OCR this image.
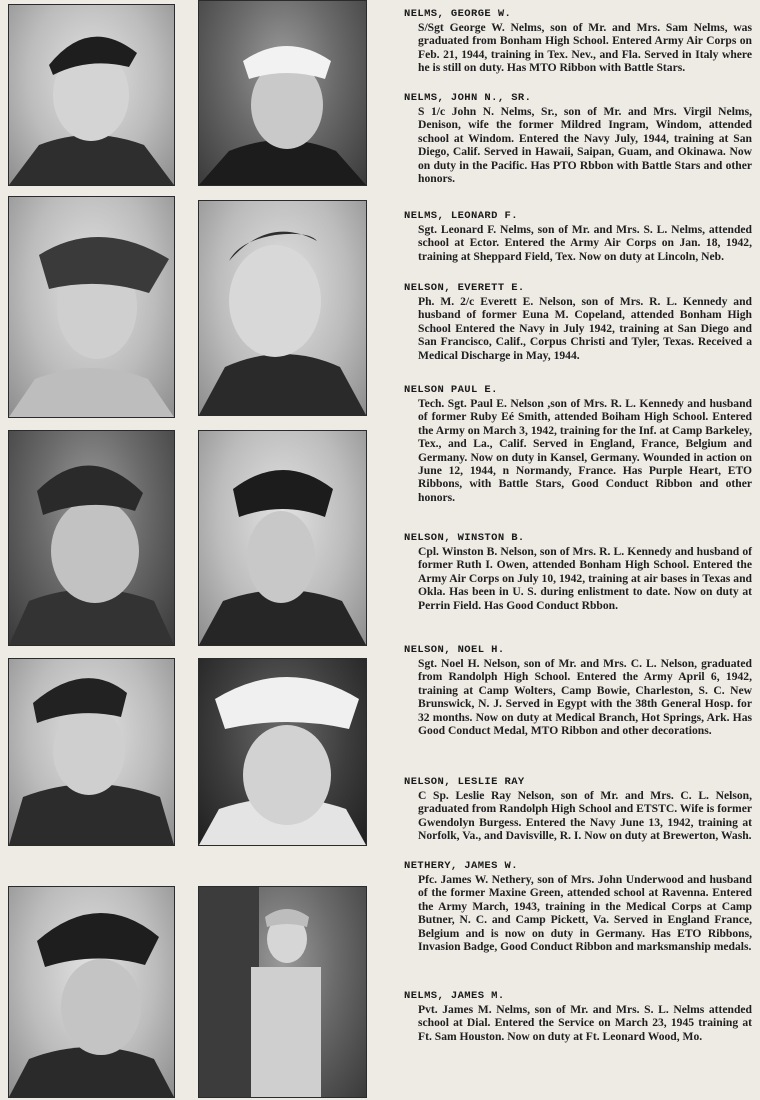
NELMS, GEORGE W.

S/Sgt George W. Nelms, son of Mr. and Mrs. Sam Nelms, was graduated from Bonham High School. Entered Army Air Corps on Feb. 21, 1944, training in Tex. Nev., and Fla. Served in Italy where he is still on duty. Has MTO Ribbon with Battle Stars.

NELMS, JOHN N., SR.

S 1/c John N. Nelms, Sr., son of Mr. and Mrs. Virgil Nelms, Denison, wife the former Mildred Ingram, Windom, attended school at Windom. Entered the Navy July, 1944, training at San Diego, Calif. Served in Hawaii, Saipan, Guam, and Okinawa. Now on duty in the Pacific. Has PTO Rbbon with Battle Stars and other honors.

NELMS, LEONARD F.

Sgt. Leonard F. Nelms, son of Mr. and Mrs. S. L. Nelms, attended school at Ector. Entered the Army Air Corps on Jan. 18, 1942, training at Sheppard Field, Tex. Now on duty at Lincoln, Neb.

NELSON, EVERETT E.

Ph. M. 2/c Everett E. Nelson, son of Mrs. R. L. Kennedy and husband of former Euna M. Copeland, attended Bonham High School Entered the Navy in July 1942, training at San Diego and San Francisco, Calif., Corpus Christi and Tyler, Texas. Received a Medical Discharge in May, 1944.

NELSON PAUL E.

Tech. Sgt. Paul E. Nelson ,son of Mrs. R. L. Kennedy and husband of former Ruby Eé Smith, attended Boiham High School. Entered the Army on March 3, 1942, training for the Inf. at Camp Barkeley, Tex., and La., Calif. Served in England, France, Belgium and Germany. Now on duty in Kansel, Germany. Wounded in action on June 12, 1944, n Normandy, France. Has Purple Heart, ETO Ribbons, with Battle Stars, Good Conduct Ribbon and other honors.

NELSON, WINSTON B.

Cpl. Winston B. Nelson, son of Mrs. R. L. Kennedy and husband of former Ruth I. Owen, attended Bonham High School. Entered the Army Air Corps on July 10, 1942, training at air bases in Texas and Okla. Has been in U. S. during enlistment to date. Now on duty at Perrin Field. Has Good Conduct Rbbon.

NELSON, NOEL H.

Sgt. Noel H. Nelson, son of Mr. and Mrs. C. L. Nelson, graduated from Randolph High School. Entered the Army April 6, 1942, training at Camp Wolters, Camp Bowie, Charleston, S. C. New Brunswick, N. J. Served in Egypt with the 38th General Hosp. for 32 months. Now on duty at Medical Branch, Hot Springs, Ark. Has Good Conduct Medal, MTO Ribbon and other decorations.

NELSON, LESLIE RAY

C Sp. Leslie Ray Nelson, son of Mr. and Mrs. C. L. Nelson, graduated from Randolph High School and ETSTC. Wife is former Gwendolyn Burgess. Entered the Navy June 13, 1942, training at Norfolk, Va., and Davisville, R. I. Now on duty at Brewerton, Wash.

NETHERY, JAMES W.

Pfc. James W. Nethery, son of Mrs. John Underwood and husband of the former Maxine Green, attended school at Ravenna. Entered the Army March, 1943, training in the Medical Corps at Camp Butner, N. C. and Camp Pickett, Va. Served in England France, Belgium and is now on duty in Germany. Has ETO Ribbons, Invasion Badge, Good Conduct Ribbon and marksmanship medals.

NELMS, JAMES M.

Pvt. James M. Nelms, son of Mr. and Mrs. S. L. Nelms attended school at Dial. Entered the Service on March 23, 1945 training at Ft. Sam Houston. Now on duty at Ft. Leonard Wood, Mo.
